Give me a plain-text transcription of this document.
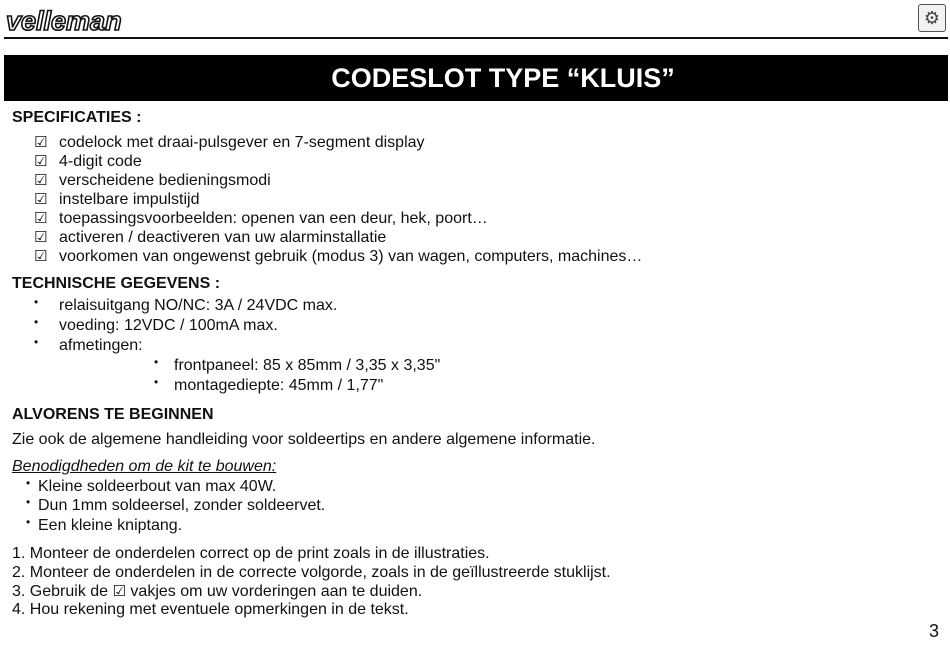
velleman	⚙
CODESLOT TYPE “KLUIS”
SPECIFICATIES :
☑ codelock met draai-pulsgever en 7-segment display
☑ 4-digit code
☑ verscheidene bedieningsmodi
☑ instelbare impulstijd
☑ toepassingsvoorbeelden: openen van een deur, hek, poort…
☑ activeren / deactiveren van uw alarminstallatie
☑ voorkomen van ongewenst gebruik (modus 3) van wagen, computers, machines…
TECHNISCHE GEGEVENS :
• relaisuitgang NO/NC: 3A / 24VDC max.
• voeding: 12VDC / 100mA max.
• afmetingen:
• frontpaneel: 85 x 85mm / 3,35 x 3,35"
• montagediepte: 45mm / 1,77"
ALVORENS TE BEGINNEN
Zie ook de algemene handleiding voor soldeertips en andere algemene informatie.
Benodigdheden om de kit te bouwen:
• Kleine soldeerbout van max 40W.
• Dun 1mm soldeersel, zonder soldeervet.
• Een kleine kniptang.
1. Monteer de onderdelen correct op de print zoals in de illustraties.
2. Monteer de onderdelen in de correcte volgorde, zoals in de geïllustreerde stuklijst.
3. Gebruik de ☑ vakjes om uw vorderingen aan te duiden.
4. Hou rekening met eventuele opmerkingen in de tekst.
3
